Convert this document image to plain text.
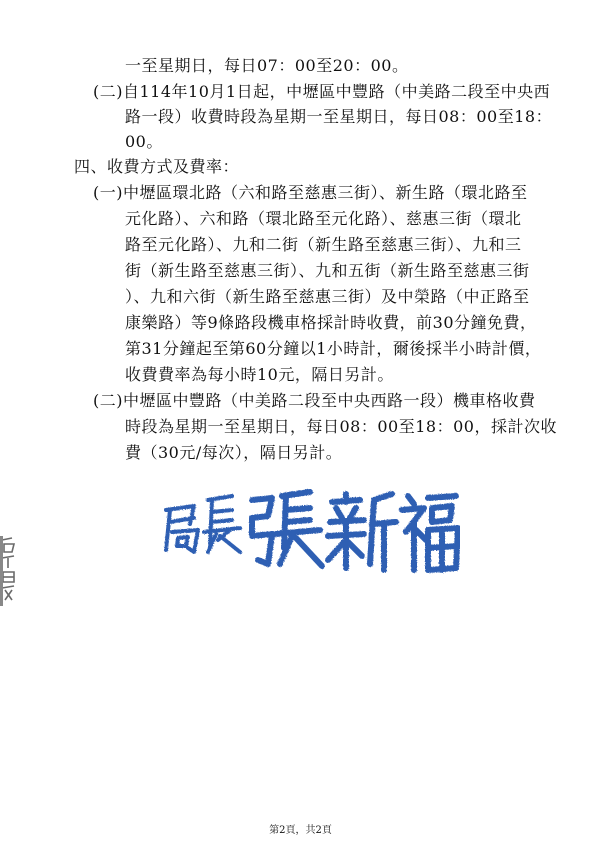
一至星期日，每日07：00至20：00。
(二)自114年10月1日起，中壢區中豐路（中美路二段至中央西
路一段）收費時段為星期一至星期日，每日08：00至18：
00。
四、收費方式及費率：
(一)中壢區環北路（六和路至慈惠三街）、新生路（環北路至
元化路）、六和路（環北路至元化路）、慈惠三街（環北
路至元化路）、九和二街（新生路至慈惠三街）、九和三
街（新生路至慈惠三街）、九和五街（新生路至慈惠三街
）、九和六街（新生路至慈惠三街）及中榮路（中正路至
康樂路）等9條路段機車格採計時收費，前30分鐘免費，
第31分鐘起至第60分鐘以1小時計，爾後採半小時計價，
收費費率為每小時10元，隔日另計。
(二)中壢區中豐路（中美路二段至中央西路一段）機車格收費
時段為星期一至星期日，每日08：00至18：00，採計次收
費（30元/每次），隔日另計。
第2頁，共2頁
